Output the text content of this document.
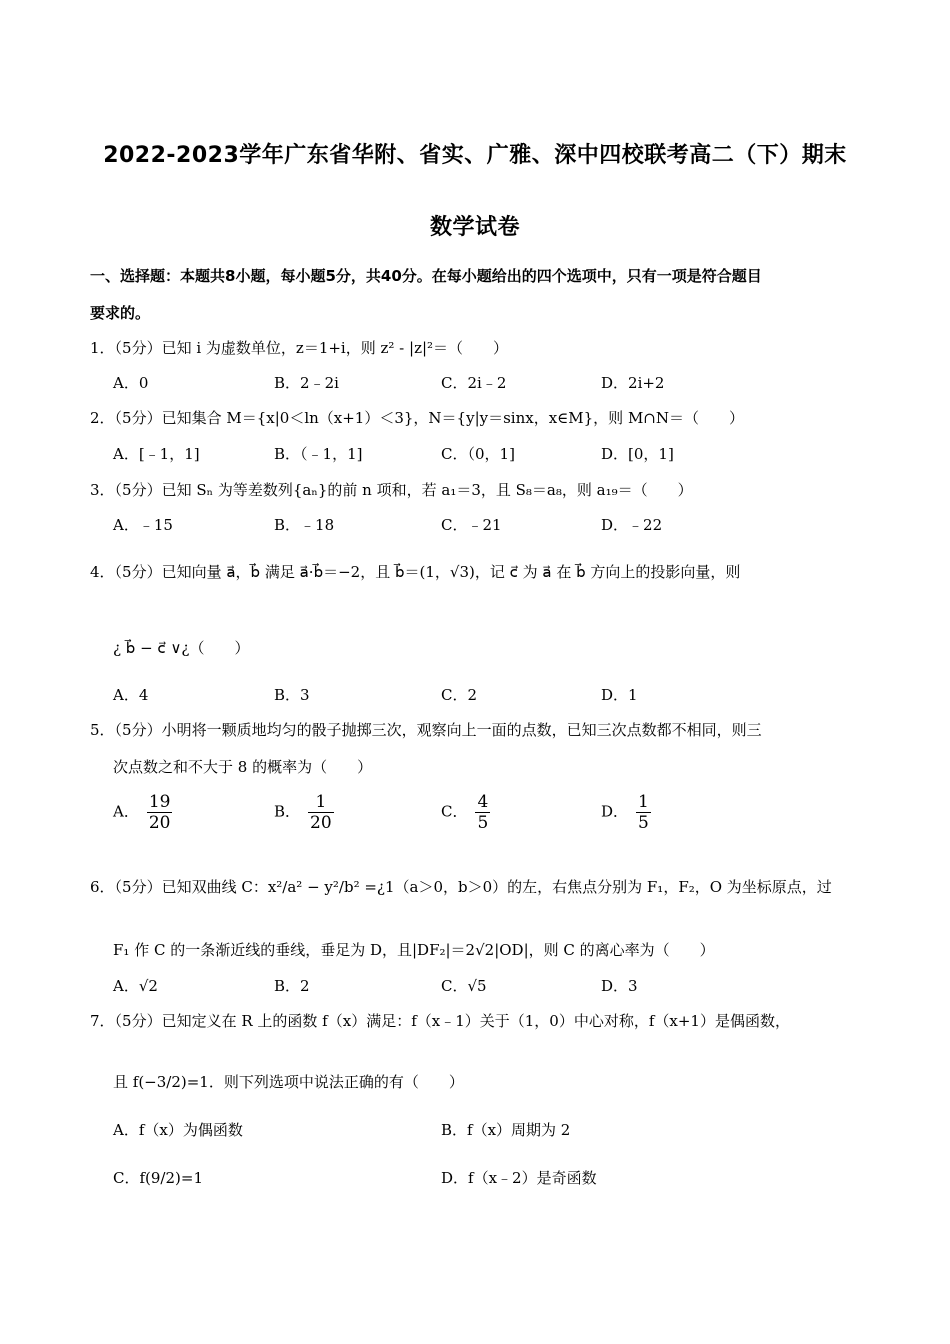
2022-2023学年广东省华附、省实、广雅、深中四校联考高二（下）期末
数学试卷
一、选择题：本题共8小题，每小题5分，共40分。在每小题给出的四个选项中，只有一项是符合题目
要求的。
1．（5分）已知 i 为虚数单位，z＝1+i，则 z² - |z|²＝（　　）
A．0	B．2﹣2i	C．2i﹣2	D．2i+2
2．（5分）已知集合 M＝{x|0＜ln（x+1）＜3}，N＝{y|y＝sinx，x∈M}，则 M∩N＝（　　）
A．[﹣1，1]	B．（﹣1，1]	C．（0，1]	D．[0，1]
3．（5分）已知 Sₙ 为等差数列{aₙ}的前 n 项和，若 a₁＝3，且 S₈＝a₈，则 a₁₉＝（　　）
A．﹣15	B．﹣18	C．﹣21	D．﹣22
4．（5分）已知向量 a⃗，b⃗ 满足 a⃗·b⃗＝−2，且 b⃗＝(1，√3)，记 c⃗ 为 a⃗ 在 b⃗ 方向上的投影向量，则
¿ b⃗ − c⃗ ∨¿（　　）
A．4	B．3	C．2	D．1
5．（5分）小明将一颗质地均匀的骰子抛掷三次，观察向上一面的点数，已知三次点数都不相同，则三
次点数之和不大于 8 的概率为（　　）
A． $\frac{19}{20}$	B． $\frac{1}{20}$	C． $\frac{4}{5}$	D． $\frac{1}{5}$
6．（5分）已知双曲线 C：x²/a² − y²/b² =¿1（a＞0，b＞0）的左，右焦点分别为 F₁，F₂，O 为坐标原点，过
F₁ 作 C 的一条渐近线的垂线，垂足为 D，且|DF₂|＝2√2|OD|，则 C 的离心率为（　　）
A．√2	B．2	C．√5	D．3
7．（5分）已知定义在 R 上的函数 f（x）满足：f（x﹣1）关于（1，0）中心对称，f（x+1）是偶函数，
且 f(−3/2)=1．则下列选项中说法正确的有（　　）
A．f（x）为偶函数	B．f（x）周期为 2
C．f(9/2)=1	D．f（x﹣2）是奇函数
